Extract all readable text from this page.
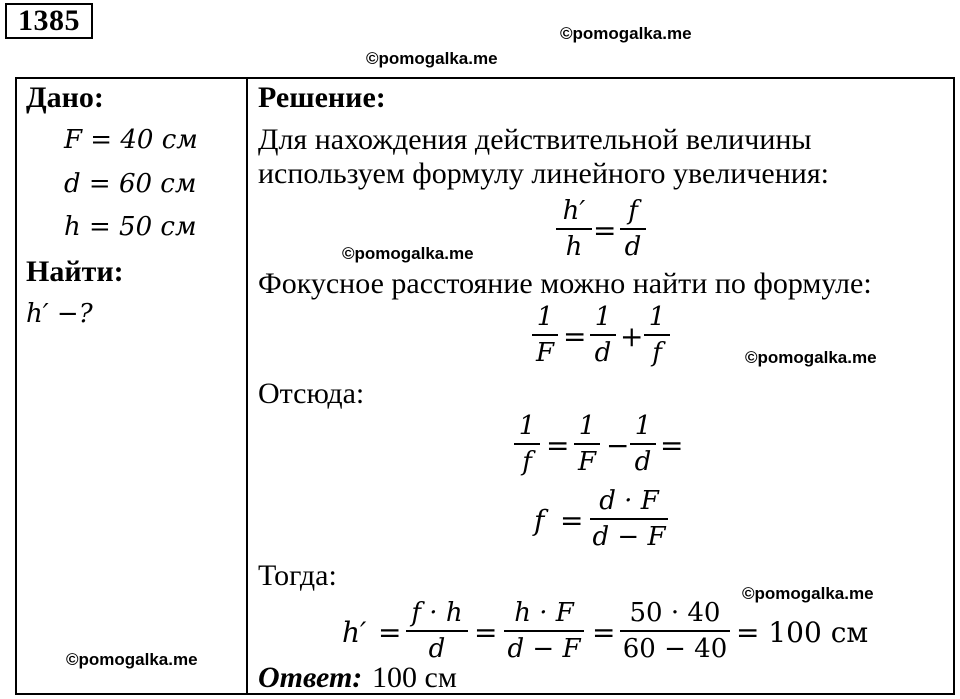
1385	©pomogalka.me
©pomogalka.me
©pomogalka.me
©pomogalka.me
©pomogalka.me
©pomogalka.me
Дано:
F = 40 см
d = 60 см
h = 50 см
Найти:
h′ −?
Решение:
Для нахождения действительной величины
используем формулу линейного увеличения:
h′
h =
f
d
Фокусное расстояние можно найти по формуле:
1
F =
1
d +
1
f
Отсюда:
1
f =
1
F −
1
d =
f =
d · F
d − F
Тогда:
h′ =
f · h
d =
h · F
d − F =
50 · 40
60 − 40 = 100 см
Ответ: 100 см
